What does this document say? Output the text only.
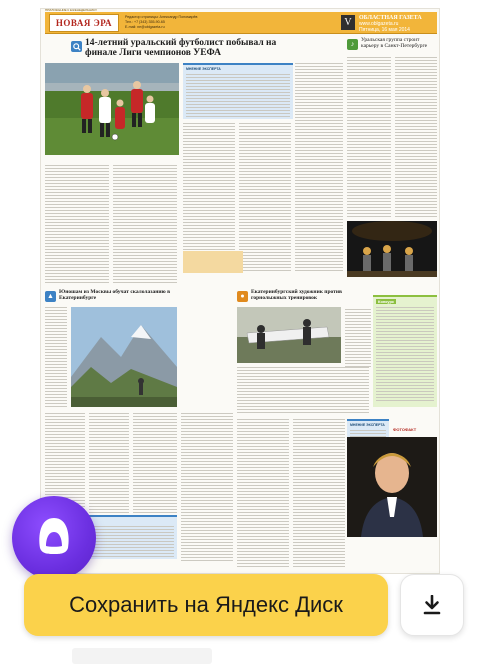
НОВАЯ ЭРА
Редактор страницы: Александр Пономарёв
Тел.: +7 (343) 355-90-65
E-mail: ne@oblgazeta.ru	V	ОБЛАСТНАЯ ГАЗЕТА
www.oblgazeta.ru
Пятница, 16 мая 2014
ПРИЛОЖЕНИЕ К ЕЖЕНЕДЕЛЬНИКУ
14-летний уральский футболист побывал на финале Лиги чемпионов УЕФА
♪
Уральская группа строит карьеру в Санкт-Петербурге
МНЕНИЕ ЭКСПЕРТА
▲
Юношам из Москвы обучат скалолазанию в Екатеринбурге	●
Екатеринбургский художник против горнолыжных тренировок
Конкурс
МНЕНИЕ ЭКСПЕРТА
ФОТОФАКТ
Сохранить на Яндекс Диск
